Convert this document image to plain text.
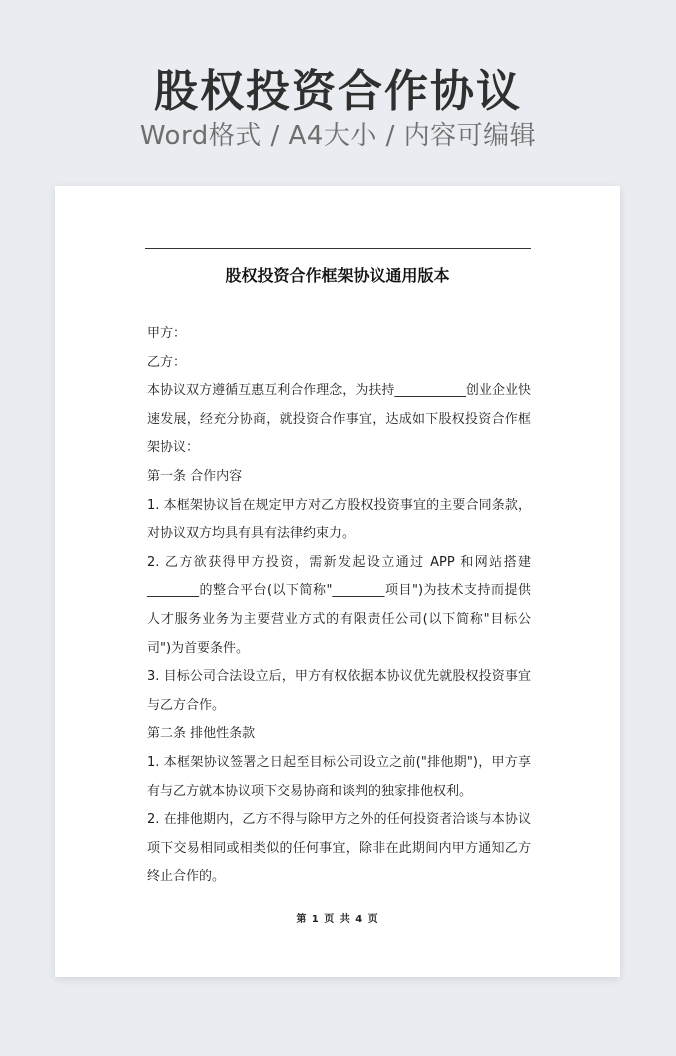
股权投资合作协议
Word格式 / A4大小 / 内容可编辑
股权投资合作框架协议通用版本

甲方：

乙方：

本协议双方遵循互惠互利合作理念，为扶持___________创业企业快速发展，经充分协商，就投资合作事宜，达成如下股权投资合作框架协议：

第一条 合作内容

1. 本框架协议旨在规定甲方对乙方股权投资事宜的主要合同条款，对协议双方均具有具有法律约束力。

2. 乙方欲获得甲方投资，需新发起设立通过 APP 和网站搭建________的整合平台(以下简称"________项目")为技术支持而提供人才服务业务为主要营业方式的有限责任公司(以下简称"目标公司")为首要条件。

3. 目标公司合法设立后，甲方有权依据本协议优先就股权投资事宜与乙方合作。

第二条 排他性条款

1. 本框架协议签署之日起至目标公司设立之前("排他期")，甲方享有与乙方就本协议项下交易协商和谈判的独家排他权利。

2. 在排他期内，乙方不得与除甲方之外的任何投资者洽谈与本协议项下交易相同或相类似的任何事宜，除非在此期间内甲方通知乙方终止合作的。

第 1 页 共 4 页
